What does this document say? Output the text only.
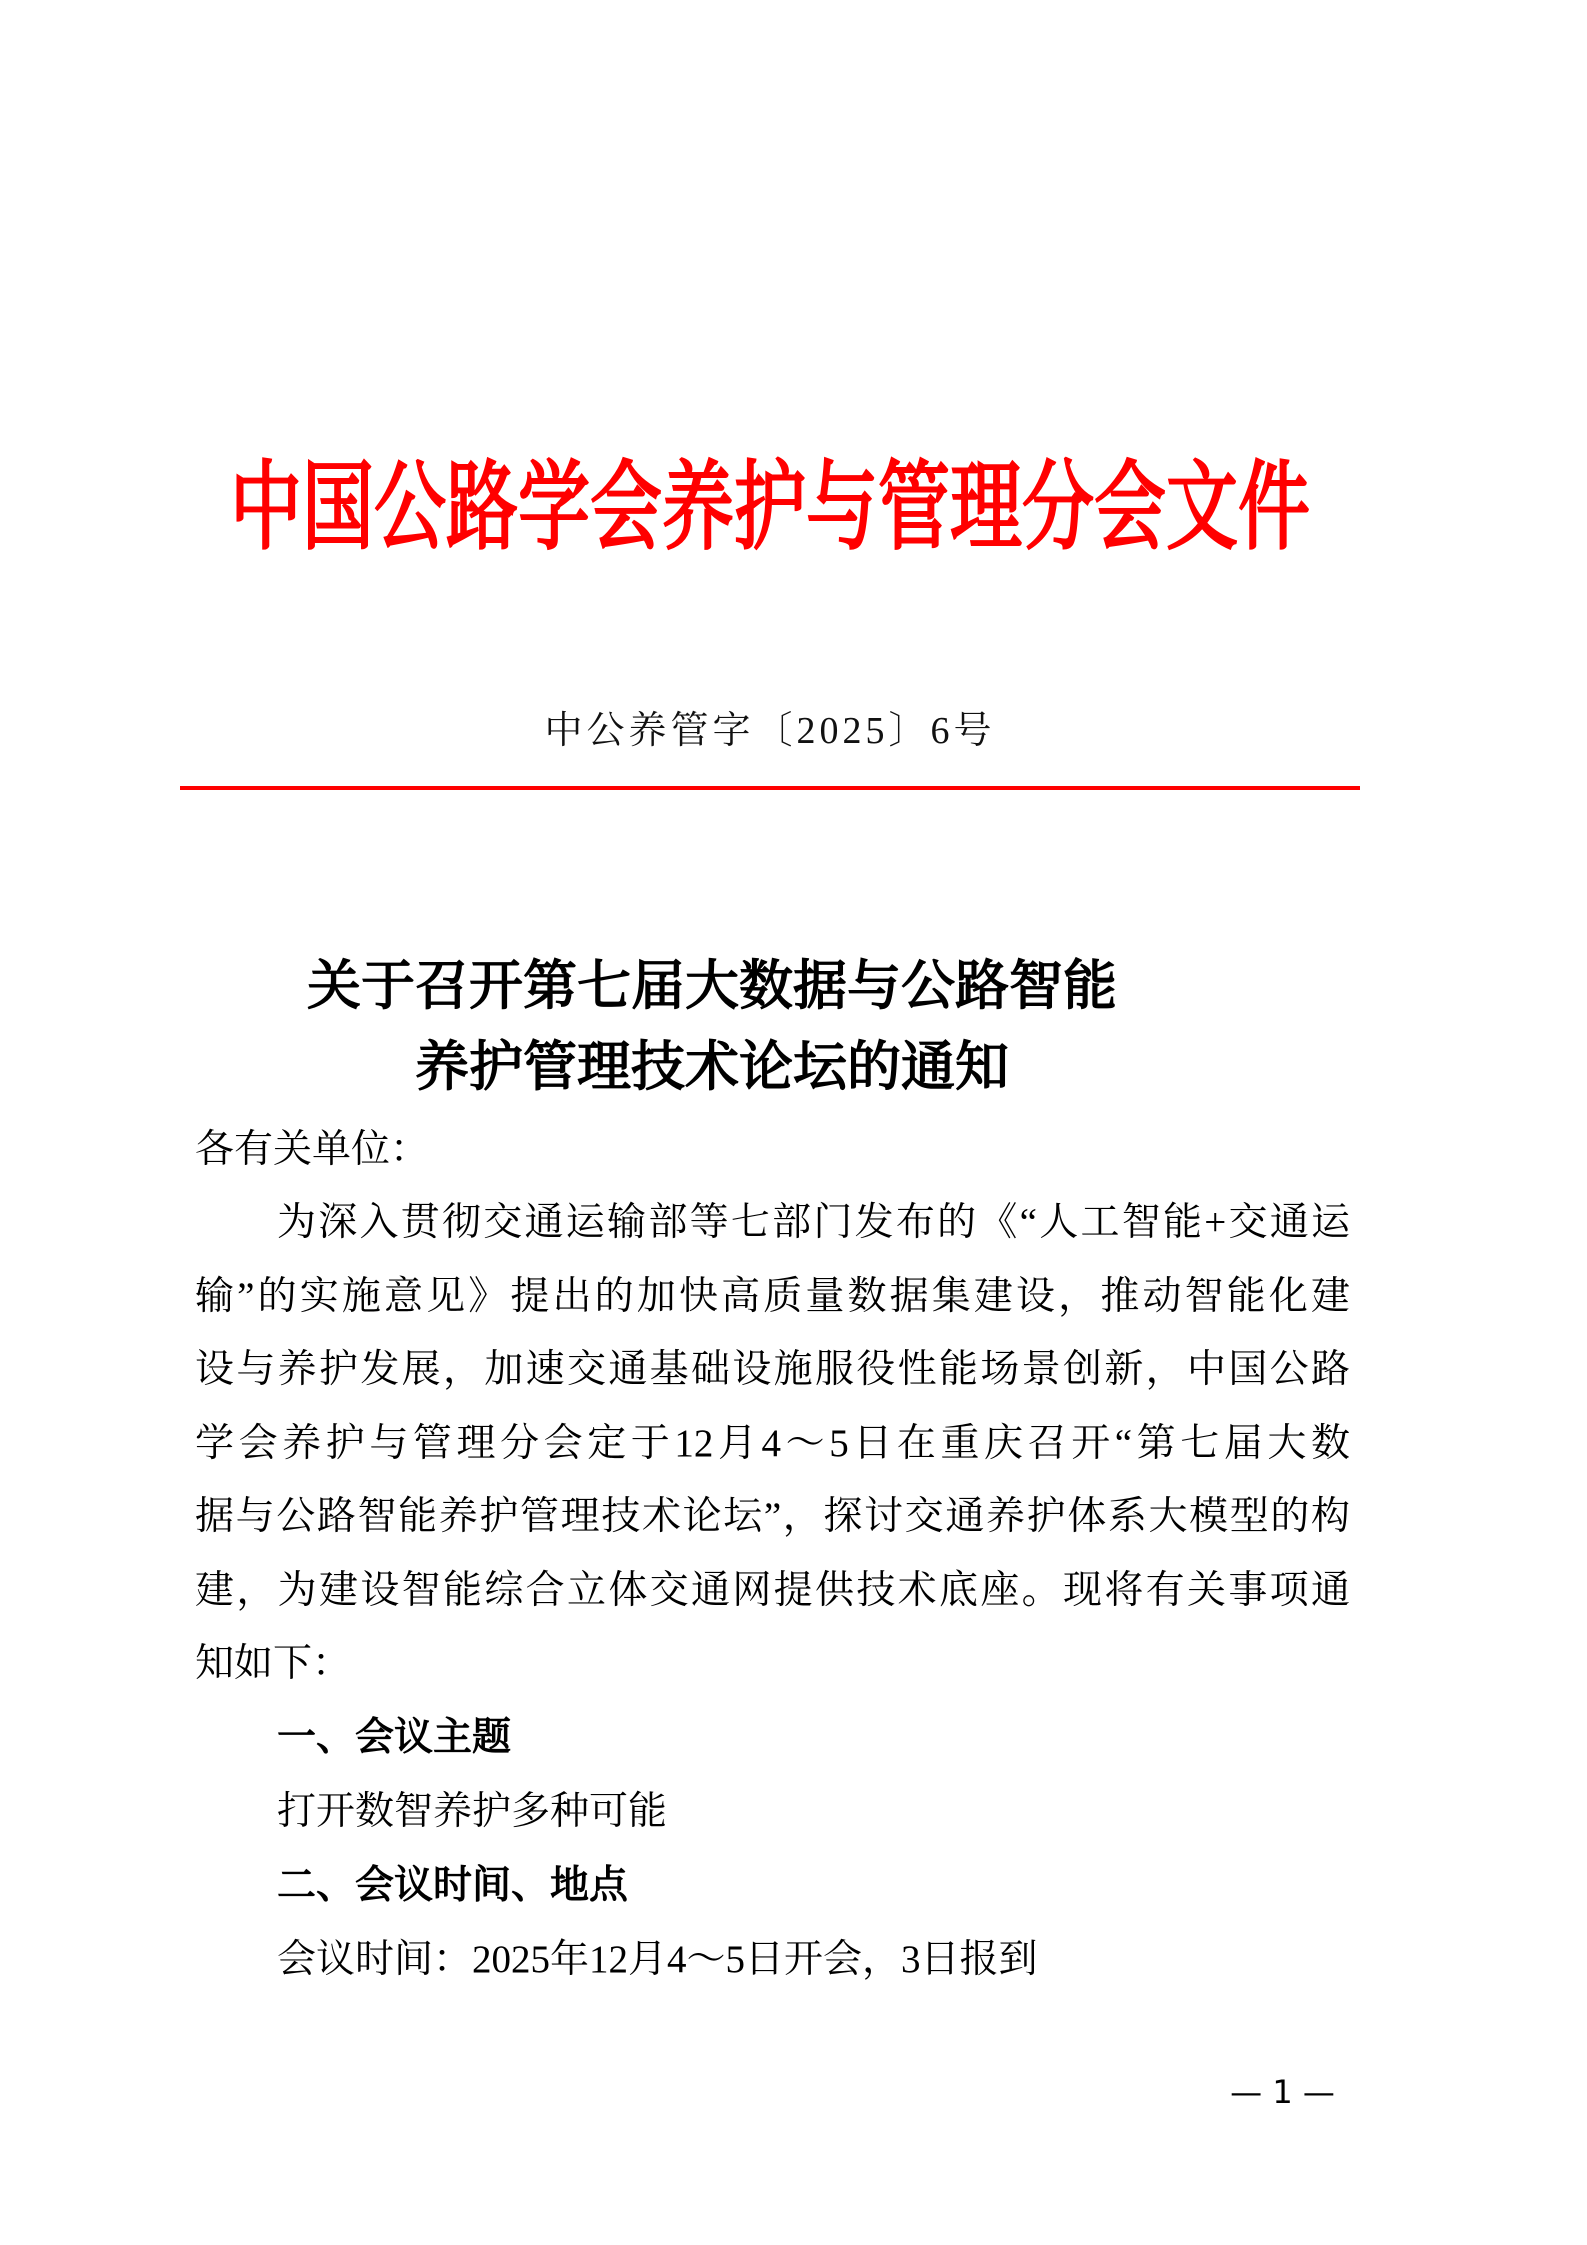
中国公路学会养护与管理分会文件
中公养管字〔2025〕6号
关于召开第七届大数据与公路智能
养护管理技术论坛的通知
各有关单位：
为深入贯彻交通运输部等七部门发布的《“人工智能+交通运
输”的实施意见》提出的加快高质量数据集建设，推动智能化建
设与养护发展，加速交通基础设施服役性能场景创新，中国公路
学会养护与管理分会定于12月4～5日在重庆召开“第七届大数
据与公路智能养护管理技术论坛”，探讨交通养护体系大模型的构
建，为建设智能综合立体交通网提供技术底座。现将有关事项通
知如下：
一、会议主题
打开数智养护多种可能
二、会议时间、地点
会议时间：2025年12月4～5日开会，3日报到
— 1 —
